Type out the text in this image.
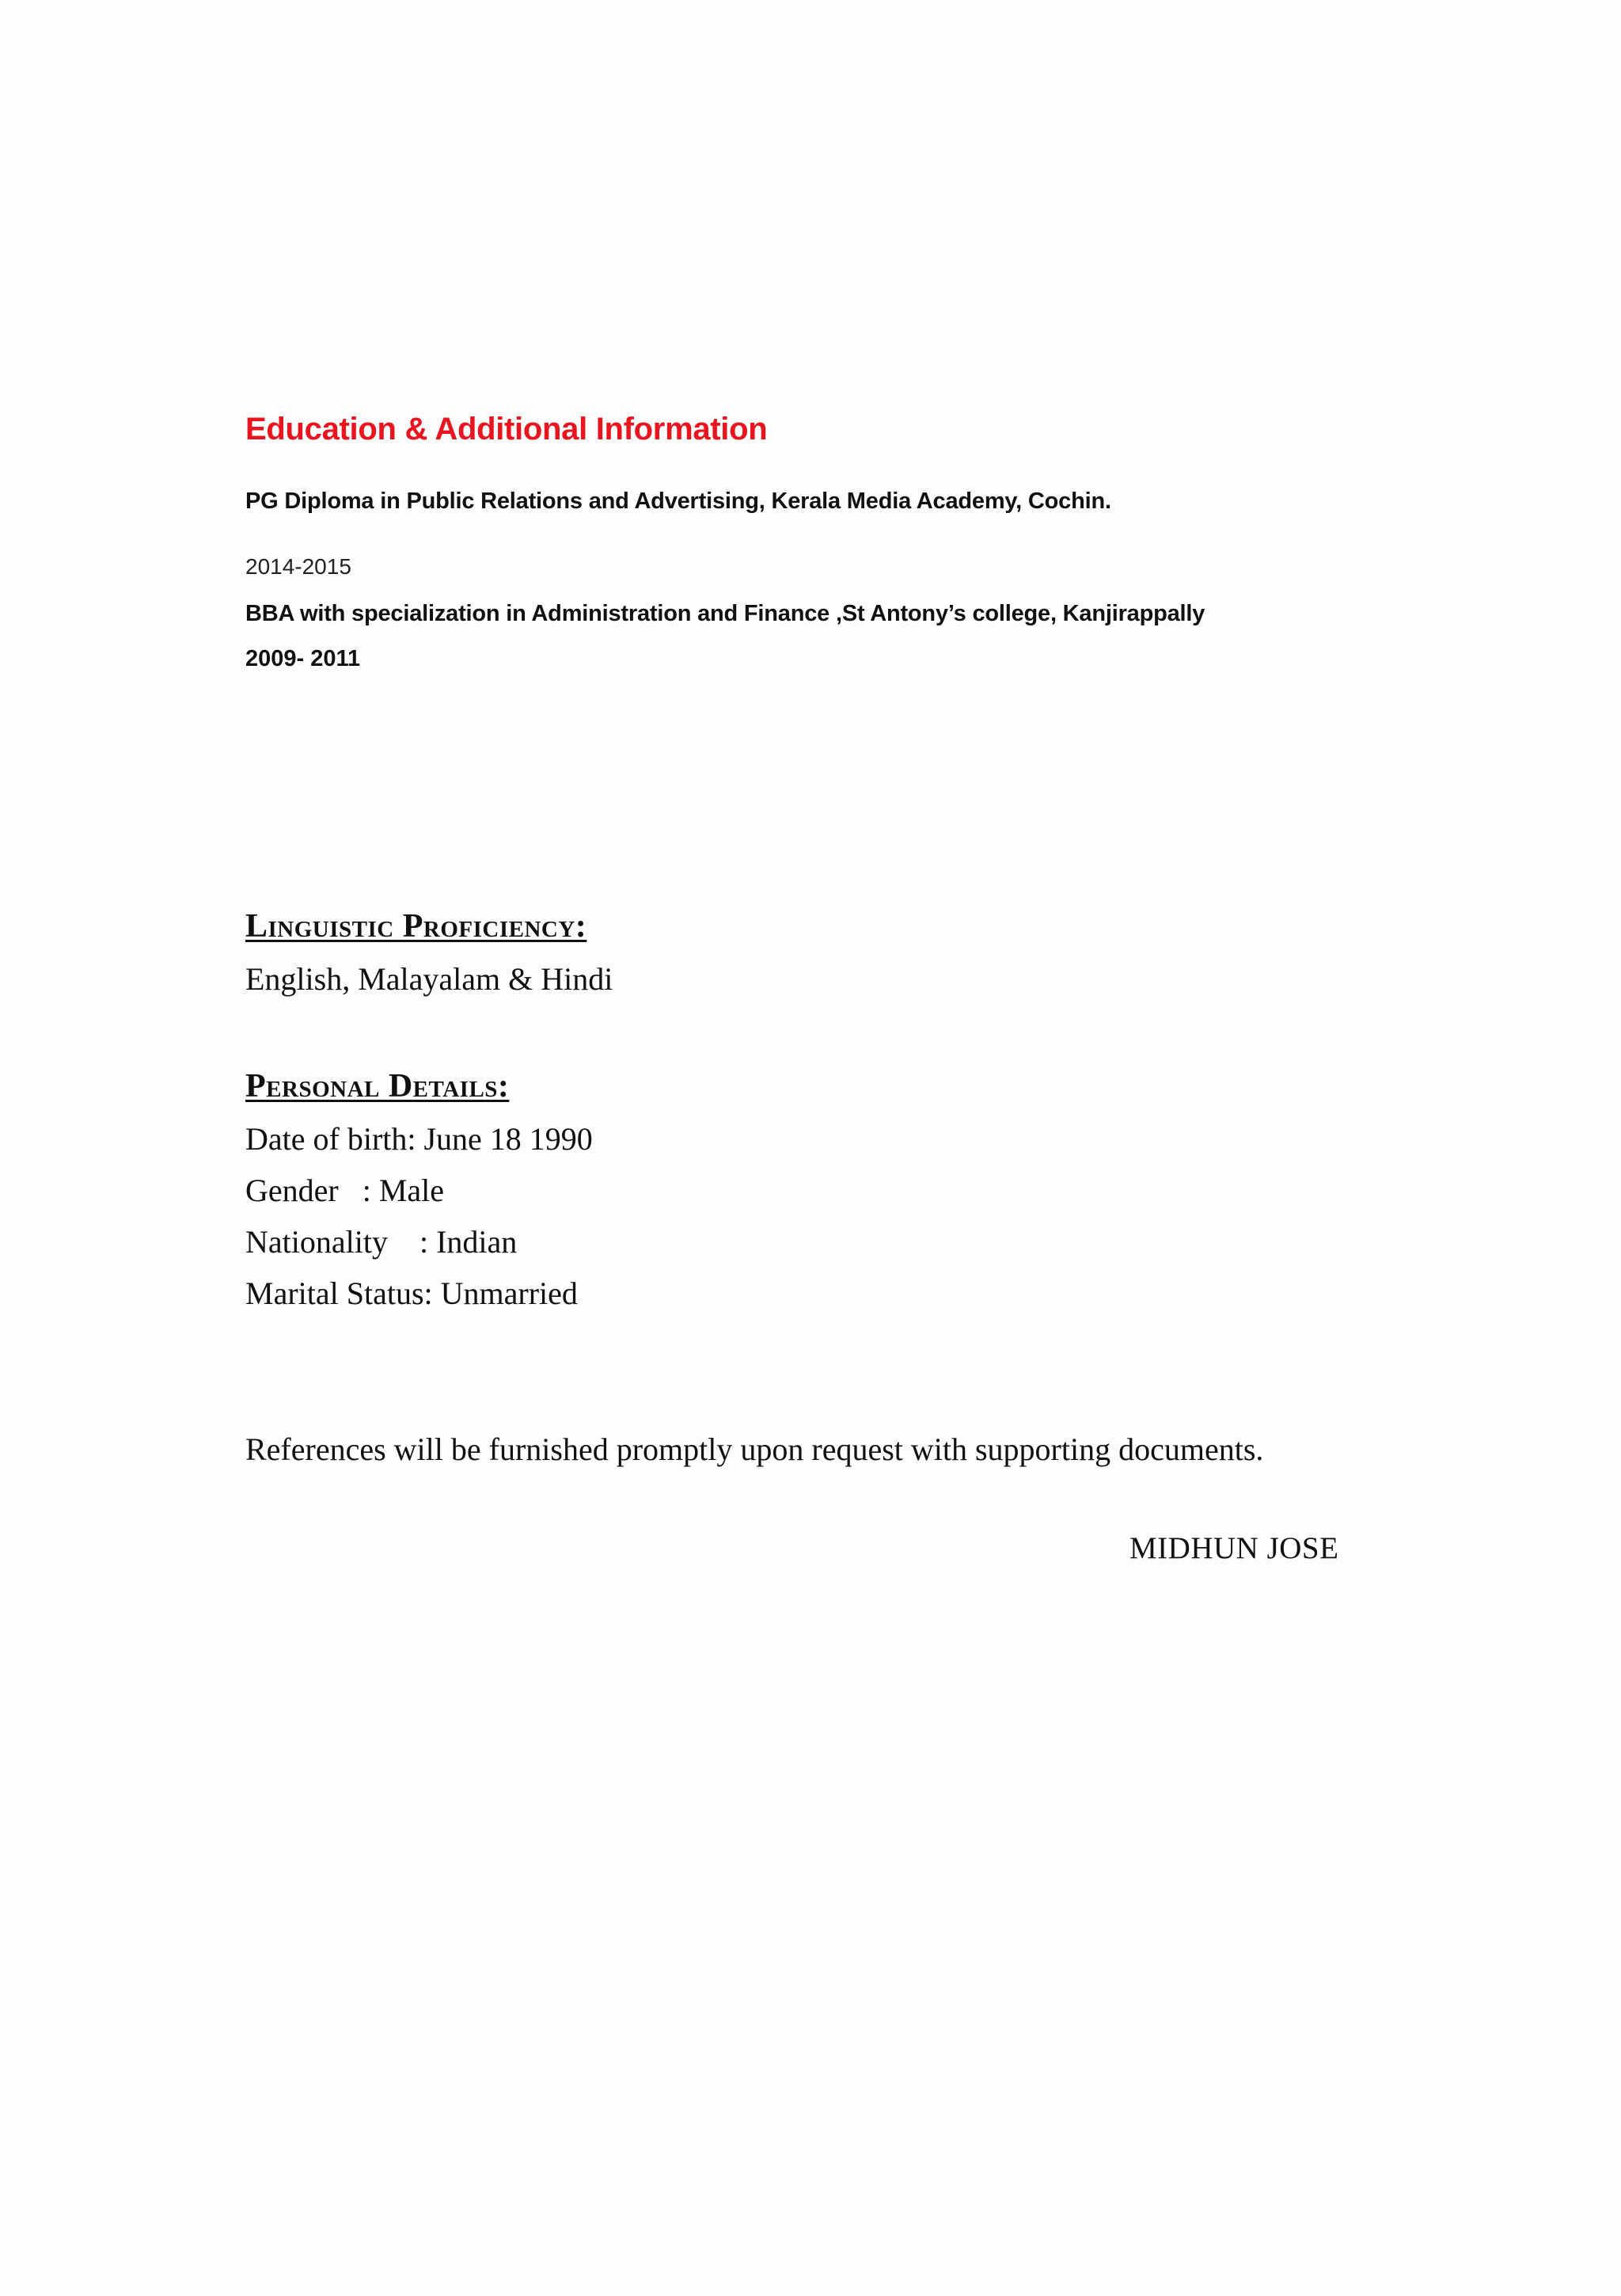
Education & Additional Information
PG Diploma in Public Relations and Advertising, Kerala Media Academy, Cochin.
2014-2015
BBA with specialization in Administration and Finance ,St Antony’s college, Kanjirappally
2009- 2011
Linguistic Proficiency:
English, Malayalam & Hindi
Personal Details:
Date of birth: June 18 1990
Gender   : Male
Nationality    : Indian
Marital Status: Unmarried
References will be furnished promptly upon request with supporting documents.
MIDHUN JOSE
